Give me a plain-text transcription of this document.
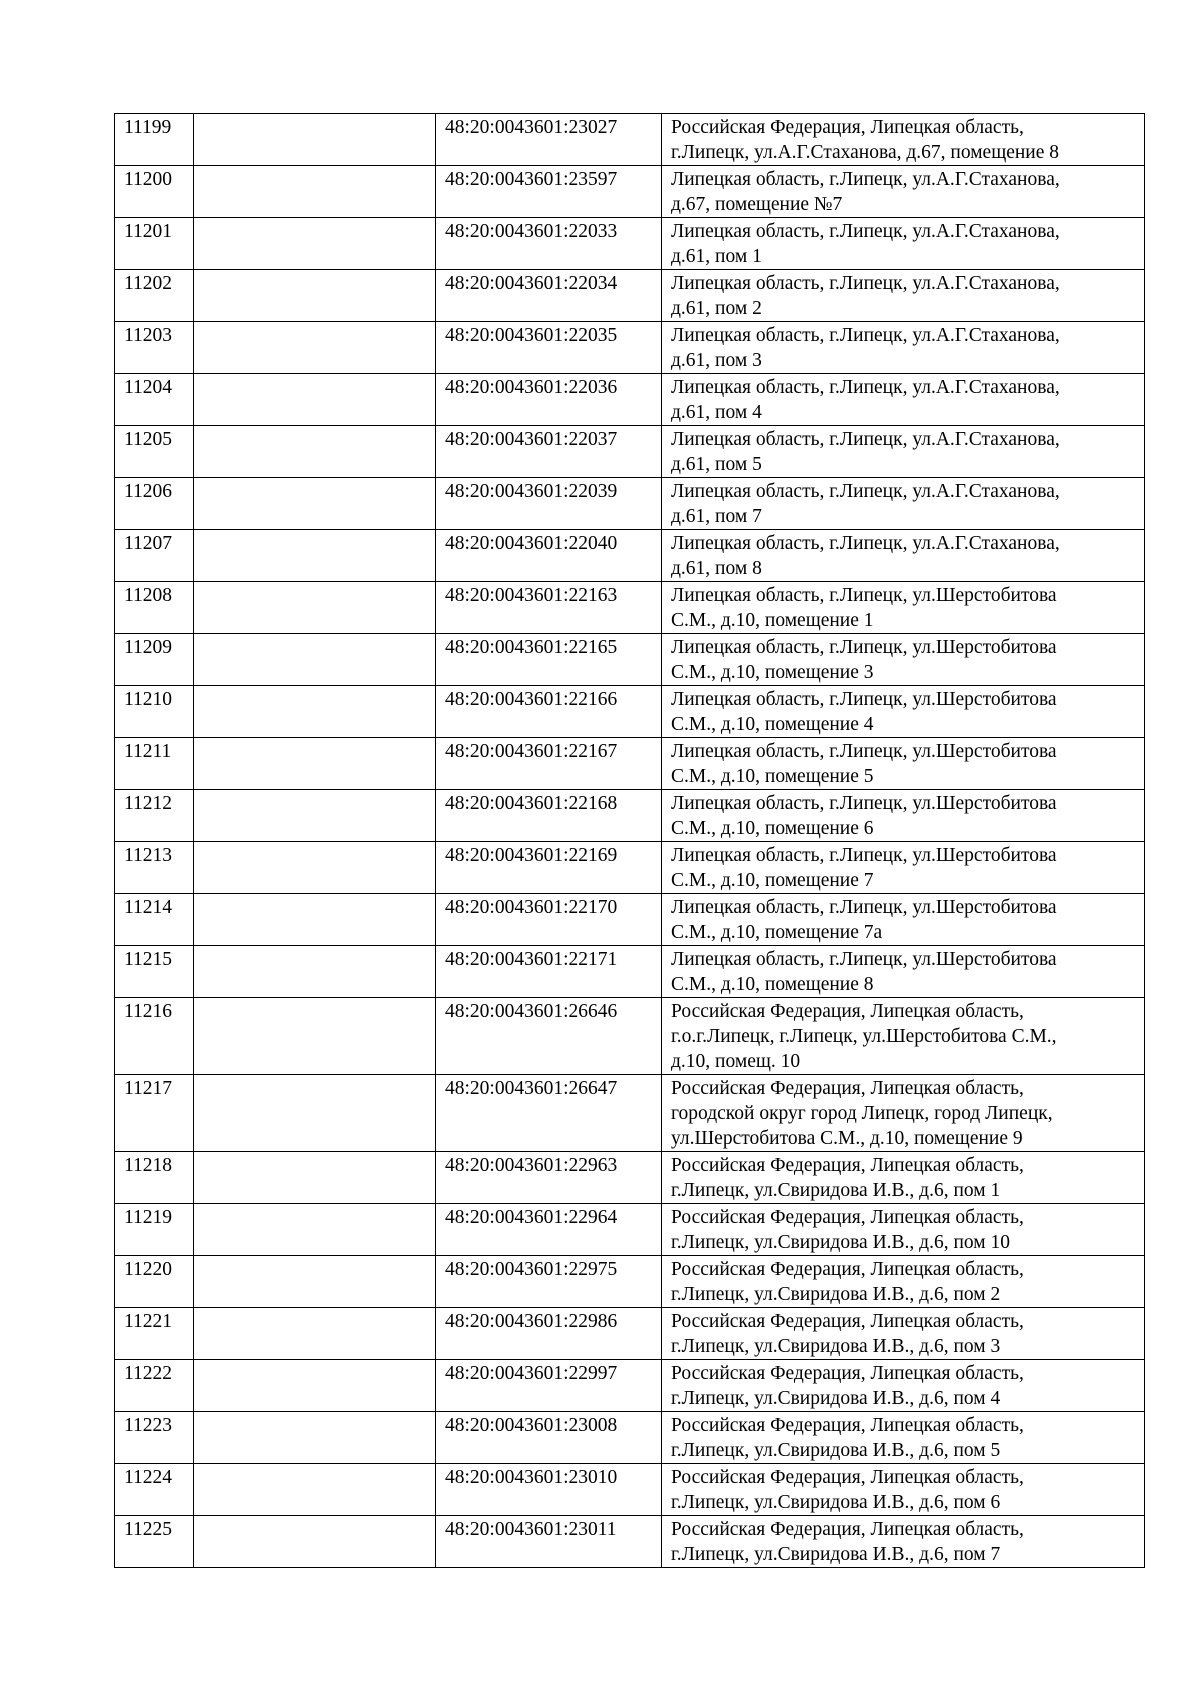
11199		48:20:0043601:23027	Российская Федерация, Липецкая область,
г.Липецк, ул.А.Г.Стаханова, д.67, помещение 8

11200		48:20:0043601:23597	Липецкая область, г.Липецк, ул.А.Г.Стаханова,
д.67, помещение №7

11201		48:20:0043601:22033	Липецкая область, г.Липецк, ул.А.Г.Стаханова,
д.61, пом 1

11202		48:20:0043601:22034	Липецкая область, г.Липецк, ул.А.Г.Стаханова,
д.61, пом 2

11203		48:20:0043601:22035	Липецкая область, г.Липецк, ул.А.Г.Стаханова,
д.61, пом 3

11204		48:20:0043601:22036	Липецкая область, г.Липецк, ул.А.Г.Стаханова,
д.61, пом 4

11205		48:20:0043601:22037	Липецкая область, г.Липецк, ул.А.Г.Стаханова,
д.61, пом 5

11206		48:20:0043601:22039	Липецкая область, г.Липецк, ул.А.Г.Стаханова,
д.61, пом 7

11207		48:20:0043601:22040	Липецкая область, г.Липецк, ул.А.Г.Стаханова,
д.61, пом 8

11208		48:20:0043601:22163	Липецкая область, г.Липецк, ул.Шерстобитова
С.М., д.10, помещение 1

11209		48:20:0043601:22165	Липецкая область, г.Липецк, ул.Шерстобитова
С.М., д.10, помещение 3

11210		48:20:0043601:22166	Липецкая область, г.Липецк, ул.Шерстобитова
С.М., д.10, помещение 4

11211		48:20:0043601:22167	Липецкая область, г.Липецк, ул.Шерстобитова
С.М., д.10, помещение 5

11212		48:20:0043601:22168	Липецкая область, г.Липецк, ул.Шерстобитова
С.М., д.10, помещение 6

11213		48:20:0043601:22169	Липецкая область, г.Липецк, ул.Шерстобитова
С.М., д.10, помещение 7

11214		48:20:0043601:22170	Липецкая область, г.Липецк, ул.Шерстобитова
С.М., д.10, помещение 7а

11215		48:20:0043601:22171	Липецкая область, г.Липецк, ул.Шерстобитова
С.М., д.10, помещение 8

11216		48:20:0043601:26646	Российская Федерация, Липецкая область,
г.о.г.Липецк, г.Липецк, ул.Шерстобитова С.М.,
д.10, помещ. 10

11217		48:20:0043601:26647	Российская Федерация, Липецкая область,
городской округ город Липецк, город Липецк,
ул.Шерстобитова С.М., д.10, помещение 9

11218		48:20:0043601:22963	Российская Федерация, Липецкая область,
г.Липецк, ул.Свиридова И.В., д.6, пом 1

11219		48:20:0043601:22964	Российская Федерация, Липецкая область,
г.Липецк, ул.Свиридова И.В., д.6, пом 10

11220		48:20:0043601:22975	Российская Федерация, Липецкая область,
г.Липецк, ул.Свиридова И.В., д.6, пом 2

11221		48:20:0043601:22986	Российская Федерация, Липецкая область,
г.Липецк, ул.Свиридова И.В., д.6, пом 3

11222		48:20:0043601:22997	Российская Федерация, Липецкая область,
г.Липецк, ул.Свиридова И.В., д.6, пом 4

11223		48:20:0043601:23008	Российская Федерация, Липецкая область,
г.Липецк, ул.Свиридова И.В., д.6, пом 5

11224		48:20:0043601:23010	Российская Федерация, Липецкая область,
г.Липецк, ул.Свиридова И.В., д.6, пом 6

11225		48:20:0043601:23011	Российская Федерация, Липецкая область,
г.Липецк, ул.Свиридова И.В., д.6, пом 7
